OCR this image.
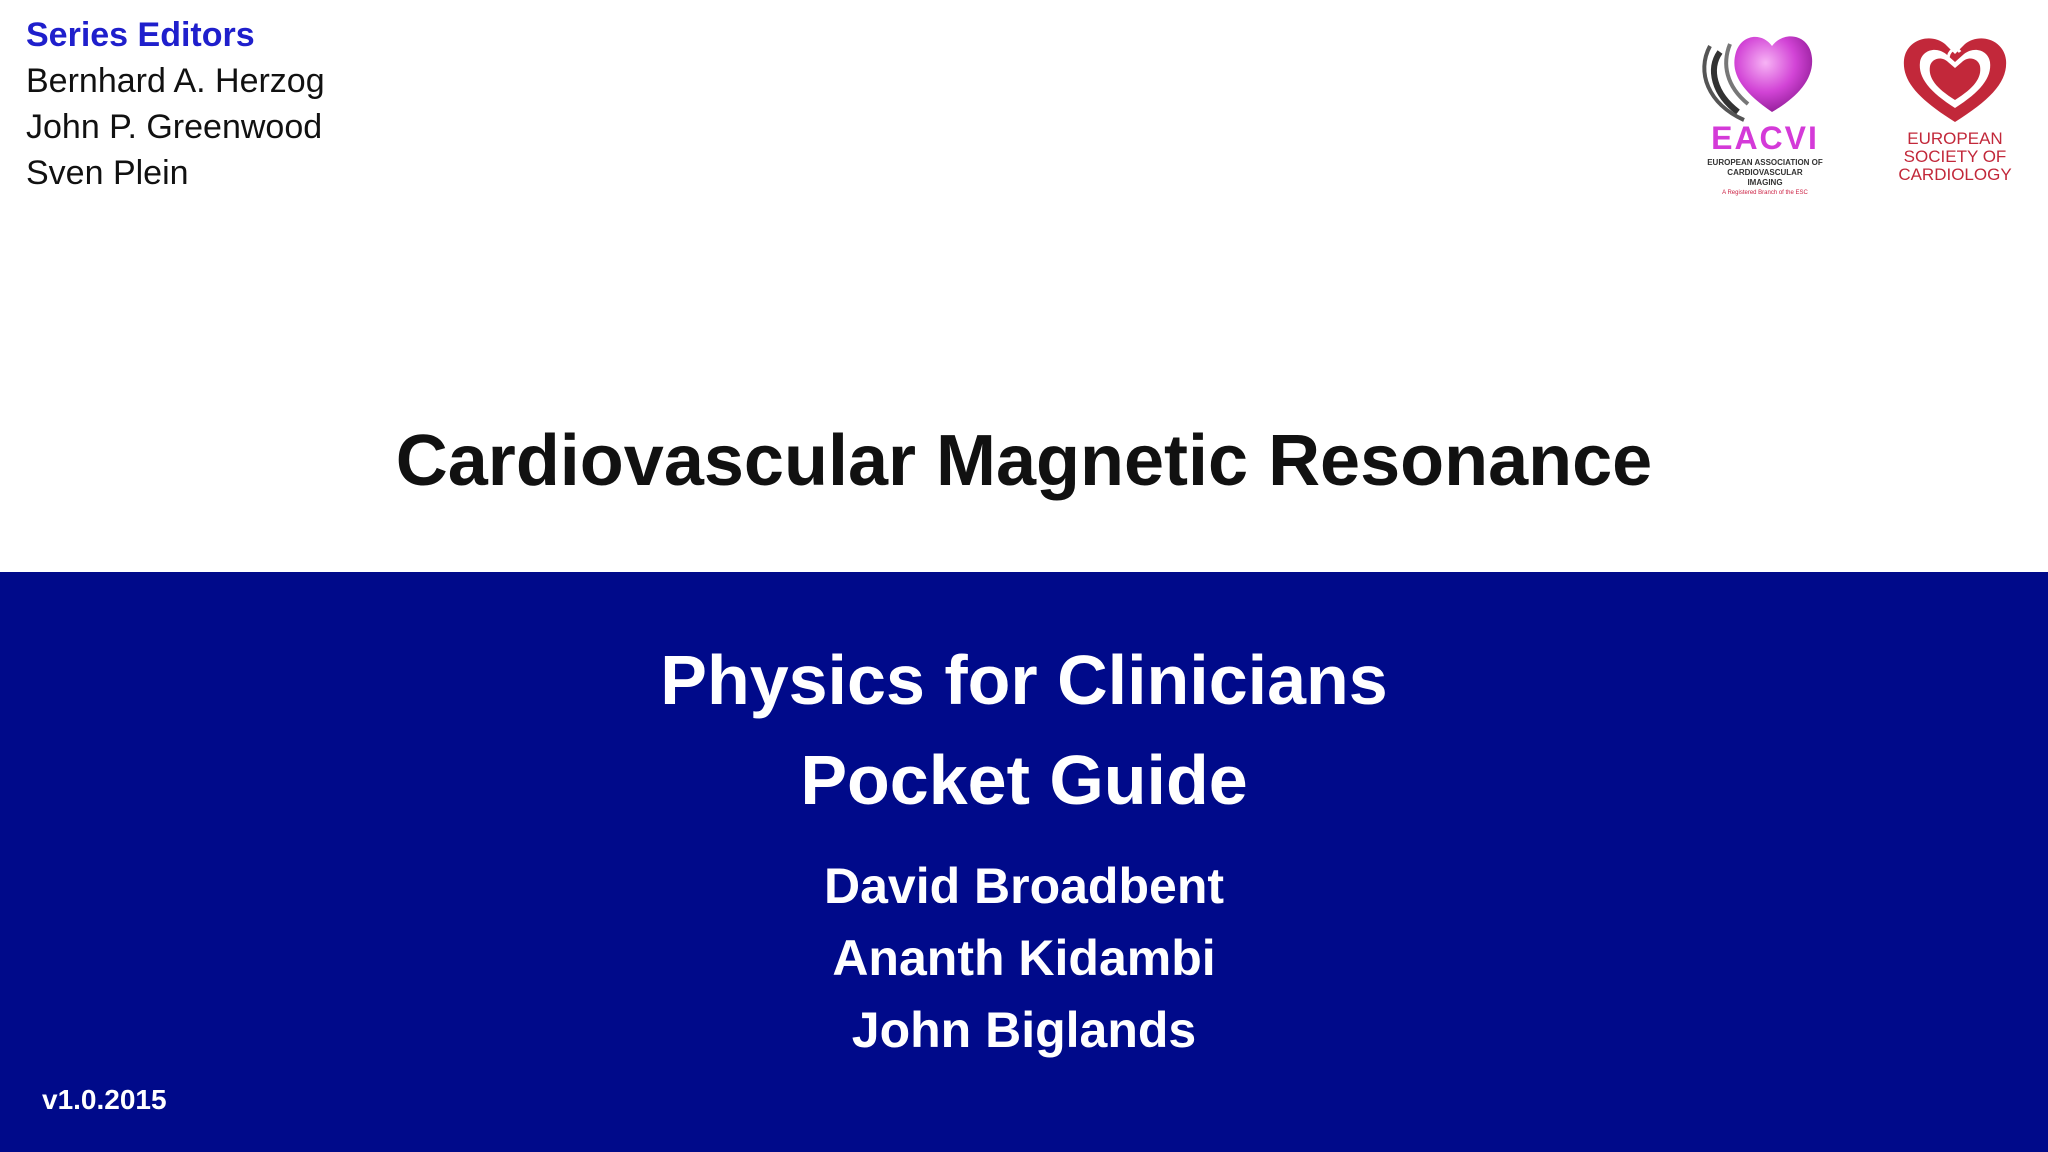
Series Editors
Bernhard A. Herzog
John P. Greenwood
Sven Plein
EACVI
EUROPEAN ASSOCIATION OF
CARDIOVASCULAR
IMAGING
A Registered Branch of the ESC
EUROPEAN
SOCIETY OF
CARDIOLOGY
Cardiovascular Magnetic Resonance
Physics for Clinicians
Pocket Guide
David Broadbent
Ananth Kidambi
John Biglands
v1.0.2015
